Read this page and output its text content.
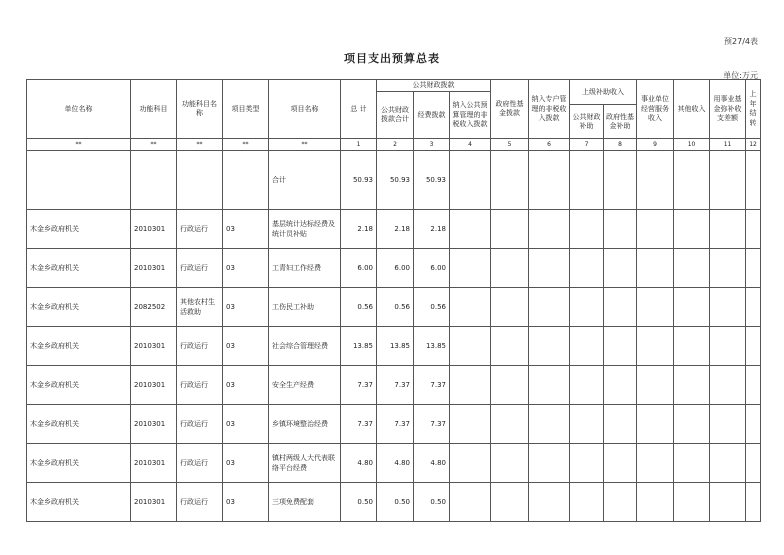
预27/4表
项目支出预算总表
单位:万元
单位名称	功能科目	功能科目名称	项目类型	项目名称	总 计	公共财政拨款			政府性基金拨款	纳入专户管理的非税收入拨款	上级补助收入		事业单位经营服务收入	其他收入	用事业基金弥补收支差额	上年结转
						公共财政拨款合计	经费拨款	纳入公共预算管理的非税收入拨款								
											公共财政补助	政府性基金补助				
**	**	**	**	**	1	2	3	4	5	6	7	8	9	10	11	12
				合计	50.93	50.93	50.93									
木金乡政府机关	2010301	行政运行	03	基层统计达标经费及统计员补贴	2.18	2.18	2.18									
木金乡政府机关	2010301	行政运行	03	工青妇工作经费	6.00	6.00	6.00									
木金乡政府机关	2082502	其他农村生活救助	03	工伤民工补助	0.56	0.56	0.56									
木金乡政府机关	2010301	行政运行	03	社会综合管理经费	13.85	13.85	13.85									
木金乡政府机关	2010301	行政运行	03	安全生产经费	7.37	7.37	7.37									
木金乡政府机关	2010301	行政运行	03	乡镇环境整治经费	7.37	7.37	7.37									
木金乡政府机关	2010301	行政运行	03	镇村两级人大代表联络平台经费	4.80	4.80	4.80									
木金乡政府机关	2010301	行政运行	03	三项免费配套	0.50	0.50	0.50									
